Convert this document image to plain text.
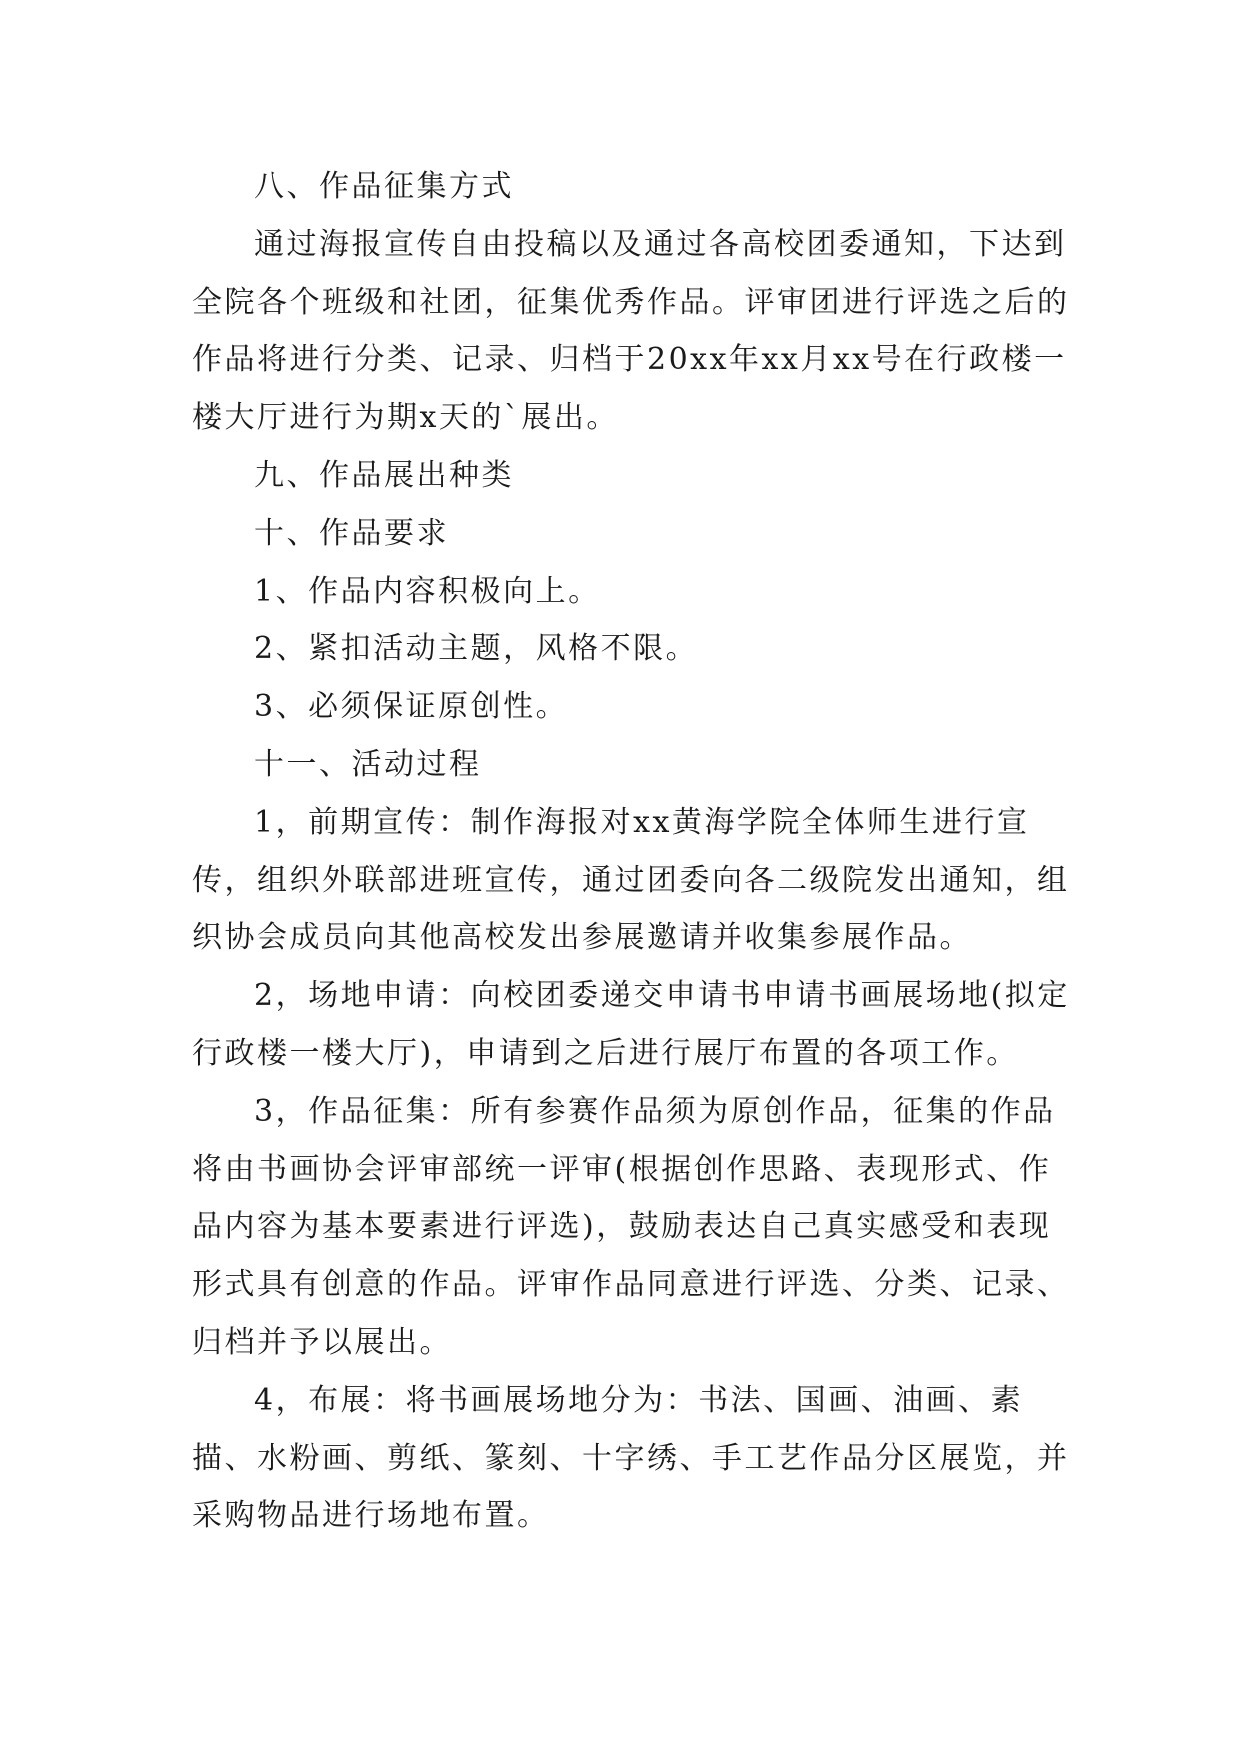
八、作品征集方式

通过海报宣传自由投稿以及通过各高校团委通知，下达到全院各个班级和社团，征集优秀作品。评审团进行评选之后的作品将进行分类、记录、归档于20xx年xx月xx号在行政楼一楼大厅进行为期x天的`展出。

九、作品展出种类

十、作品要求

1、作品内容积极向上。

2、紧扣活动主题，风格不限。

3、必须保证原创性。

十一、活动过程

1，前期宣传：制作海报对xx黄海学院全体师生进行宣传，组织外联部进班宣传，通过团委向各二级院发出通知，组织协会成员向其他高校发出参展邀请并收集参展作品。

2，场地申请：向校团委递交申请书申请书画展场地(拟定行政楼一楼大厅)，申请到之后进行展厅布置的各项工作。

3，作品征集：所有参赛作品须为原创作品，征集的作品将由书画协会评审部统一评审(根据创作思路、表现形式、作品内容为基本要素进行评选)，鼓励表达自己真实感受和表现形式具有创意的作品。评审作品同意进行评选、分类、记录、归档并予以展出。

4，布展：将书画展场地分为：书法、国画、油画、素描、水粉画、剪纸、篆刻、十字绣、手工艺作品分区展览，并采购物品进行场地布置。
